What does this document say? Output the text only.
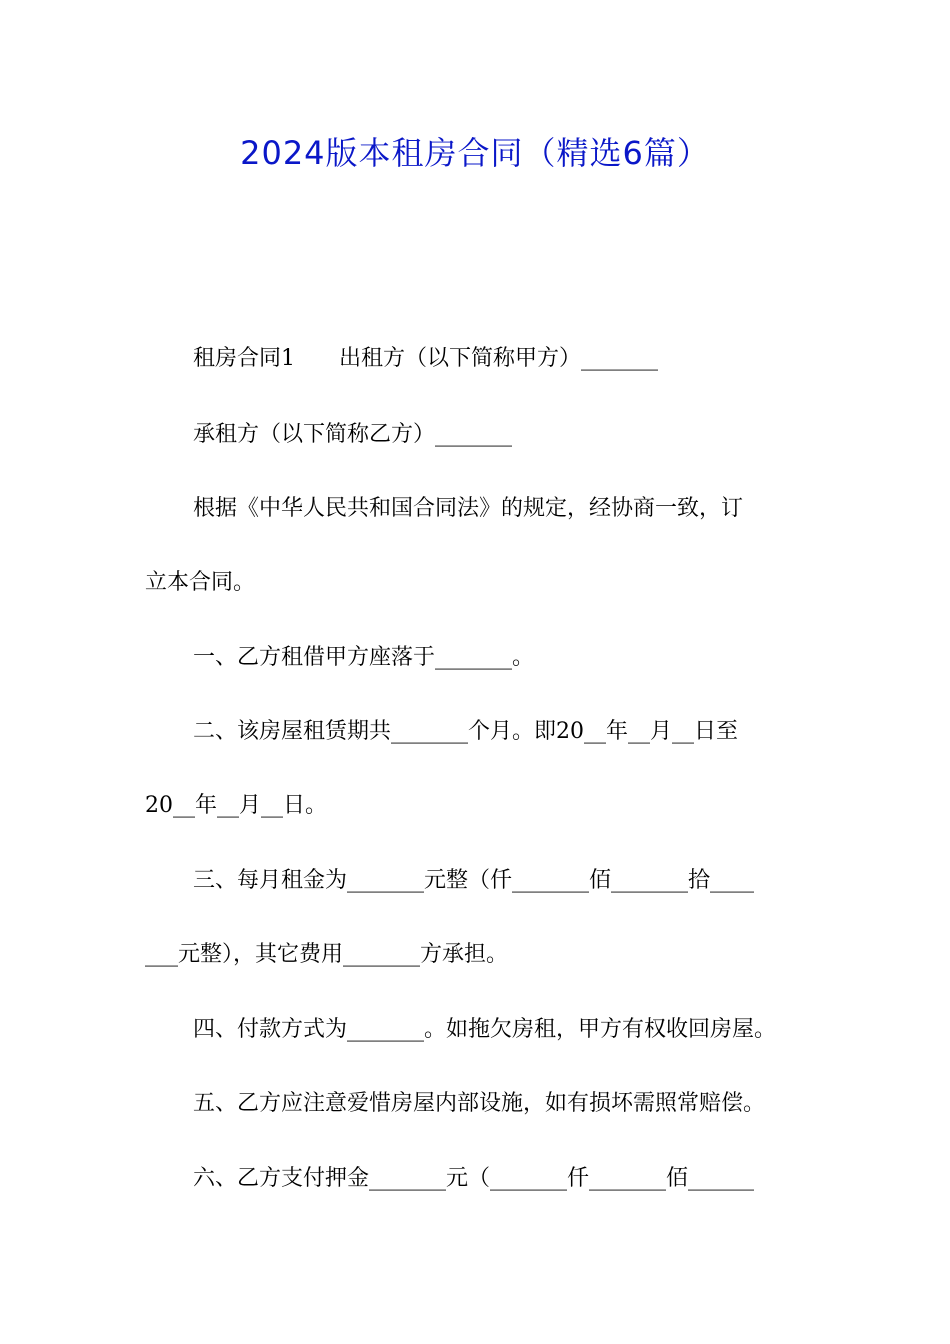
2024版本租房合同（精选6篇）
租房合同1　　出租方（以下简称甲方）_______
承租方（以下简称乙方）_______
根据《中华人民共和国合同法》的规定，经协商一致，订
立本合同。
一、乙方租借甲方座落于_______。
二、该房屋租赁期共_______个月。即20__年__月__日至
20__年__月__日。
三、每月租金为_______元整（仟_______佰_______拾____
___元整），其它费用_______方承担。
四、付款方式为_______。如拖欠房租，甲方有权收回房屋。
五、乙方应注意爱惜房屋内部设施，如有损坏需照常赔偿。
六、乙方支付押金_______元（_______仟_______佰______
